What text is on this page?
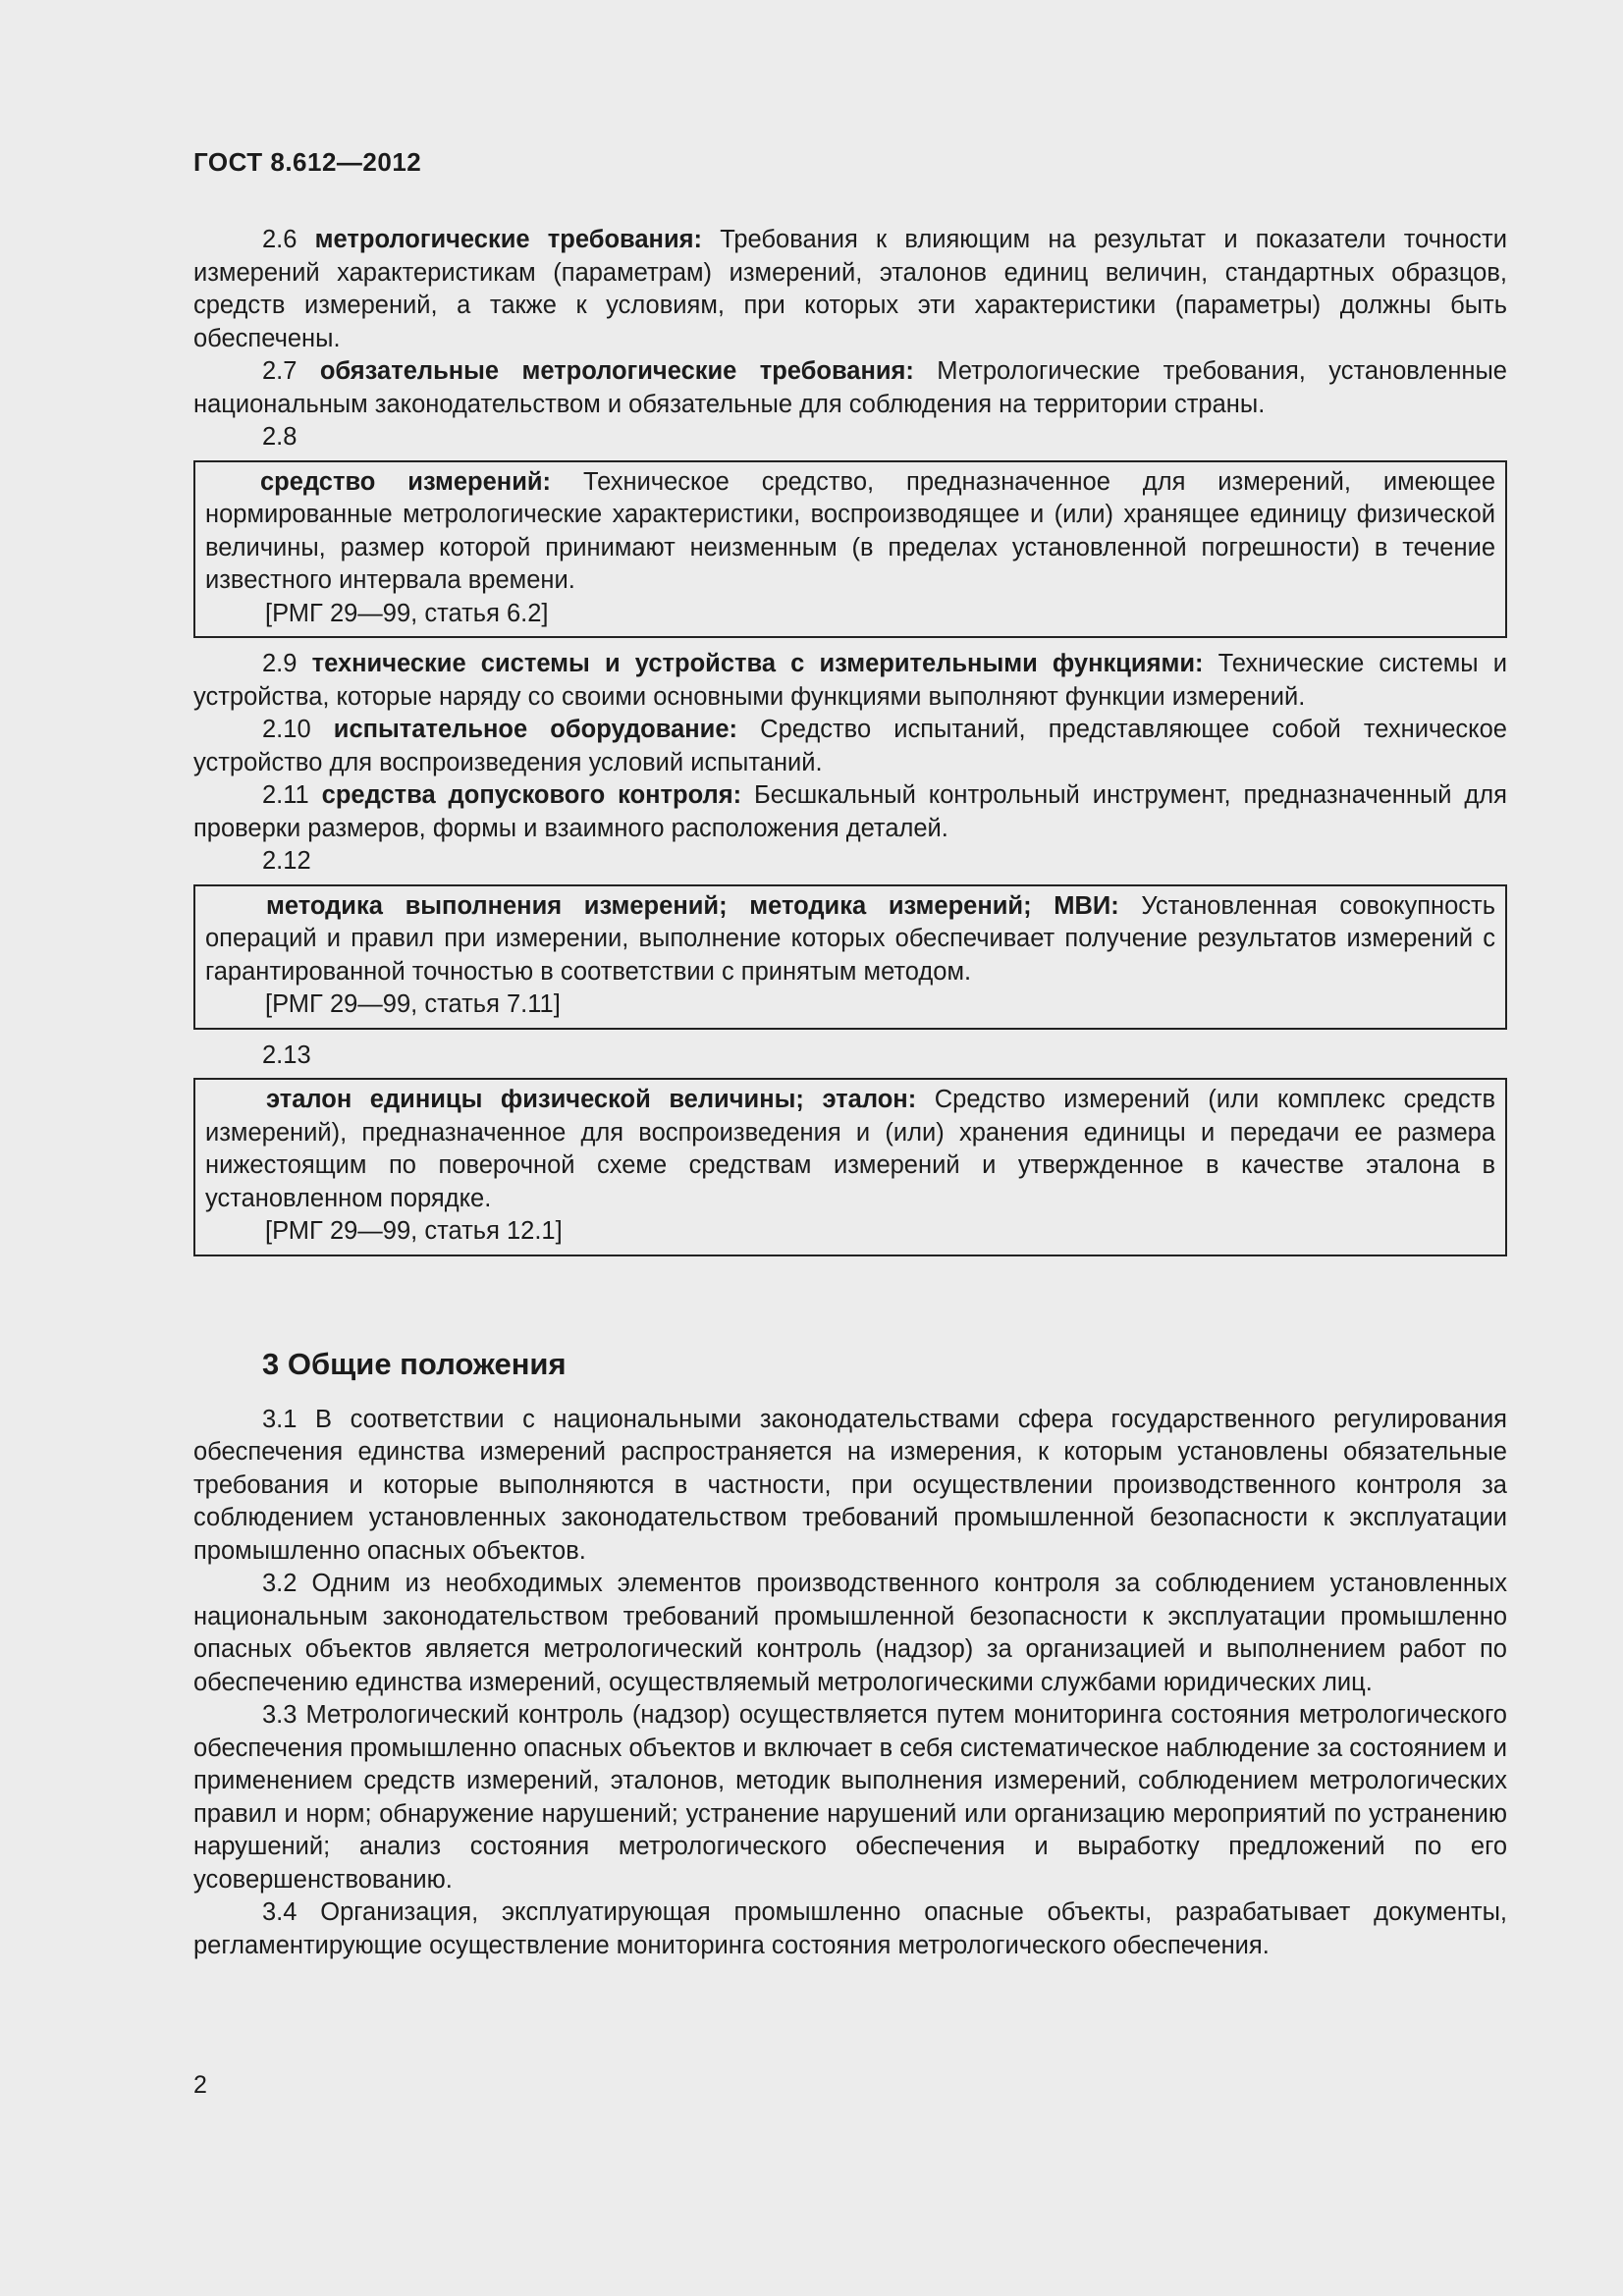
ГОСТ 8.612—2012

2.6 метрологические требования: Требования к влияющим на результат и показатели точности измерений характеристикам (параметрам) измерений, эталонов единиц величин, стандартных образцов, средств измерений, а также к условиям, при которых эти характеристики (параметры) должны быть обеспечены.

2.7 обязательные метрологические требования: Метрологические требования, установленные национальным законодательством и обязательные для соблюдения на территории страны.

2.8

средство измерений: Техническое средство, предназначенное для измерений, имеющее нормированные метрологические характеристики, воспроизводящее и (или) хранящее единицу физической величины, размер которой принимают неизменным (в пределах установленной погрешности) в течение известного интервала времени.

[РМГ 29—99, статья 6.2]

2.9 технические системы и устройства с измерительными функциями: Технические системы и устройства, которые наряду со своими основными функциями выполняют функции измерений.

2.10 испытательное оборудование: Средство испытаний, представляющее собой техническое устройство для воспроизведения условий испытаний.

2.11 средства допускового контроля: Бесшкальный контрольный инструмент, предназначенный для проверки размеров, формы и взаимного расположения деталей.

2.12

методика выполнения измерений; методика измерений; МВИ: Установленная совокупность операций и правил при измерении, выполнение которых обеспечивает получение результатов измерений с гарантированной точностью в соответствии с принятым методом.

[РМГ 29—99, статья 7.11]

2.13

эталон единицы физической величины; эталон: Средство измерений (или комплекс средств измерений), предназначенное для воспроизведения и (или) хранения единицы и передачи ее размера нижестоящим по поверочной схеме средствам измерений и утвержденное в качестве эталона в установленном порядке.

[РМГ 29—99, статья 12.1]

3 Общие положения

3.1 В соответствии с национальными законодательствами сфера государственного регулирования обеспечения единства измерений распространяется на измерения, к которым установлены обязательные требования и которые выполняются в частности, при осуществлении производственного контроля за соблюдением установленных законодательством требований промышленной безопасности к эксплуатации промышленно опасных объектов.

3.2 Одним из необходимых элементов производственного контроля за соблюдением установленных национальным законодательством требований промышленной безопасности к эксплуатации промышленно опасных объектов является метрологический контроль (надзор) за организацией и выполнением работ по обеспечению единства измерений, осуществляемый метрологическими службами юридических лиц.

3.3 Метрологический контроль (надзор) осуществляется путем мониторинга состояния метрологического обеспечения промышленно опасных объектов и включает в себя систематическое наблюдение за состоянием и применением средств измерений, эталонов, методик выполнения измерений, соблюдением метрологических правил и норм; обнаружение нарушений; устранение нарушений или организацию мероприятий по устранению нарушений; анализ состояния метрологического обеспечения и выработку предложений по его усовершенствованию.

3.4 Организация, эксплуатирующая промышленно опасные объекты, разрабатывает документы, регламентирующие осуществление мониторинга состояния метрологического обеспечения.

2
